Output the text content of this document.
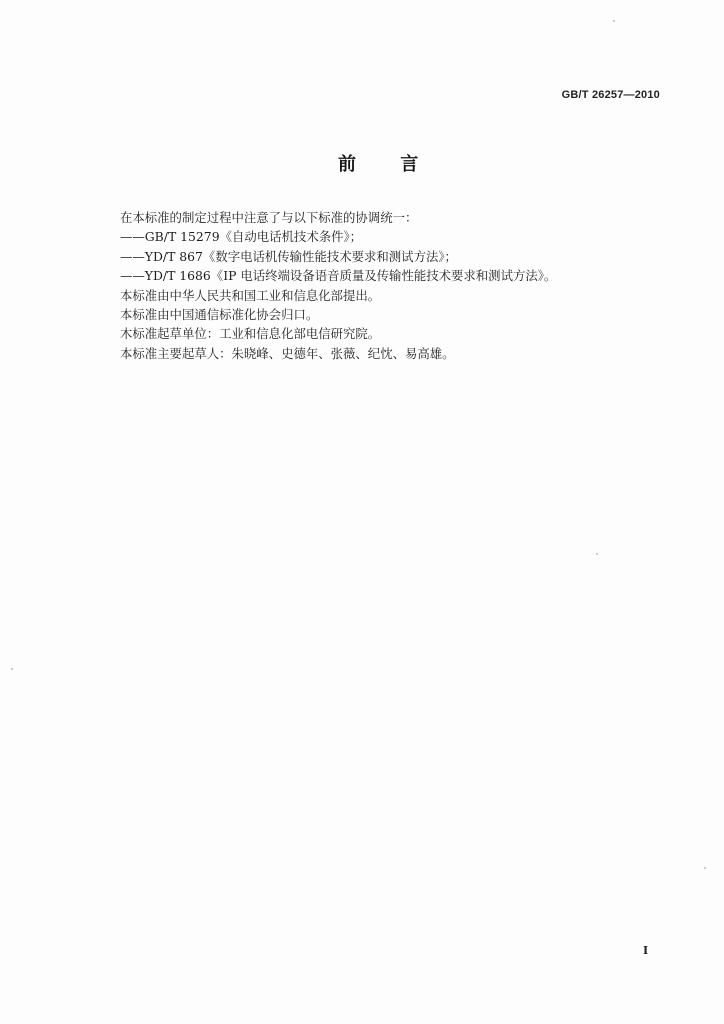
GB/T 26257—2010
前 言
在本标准的制定过程中注意了与以下标准的协调统一：
——GB/T 15279《自动电话机技术条件》；
——YD/T 867《数字电话机传输性能技术要求和测试方法》；
——YD/T 1686《IP 电话终端设备语音质量及传输性能技术要求和测试方法》。
本标准由中华人民共和国工业和信息化部提出。
本标准由中国通信标准化协会归口。
木标准起草单位：工业和信息化部电信研究院。
本标准主要起草人：朱晓峰、史德年、张薇、纪忱、易高雄。
I
